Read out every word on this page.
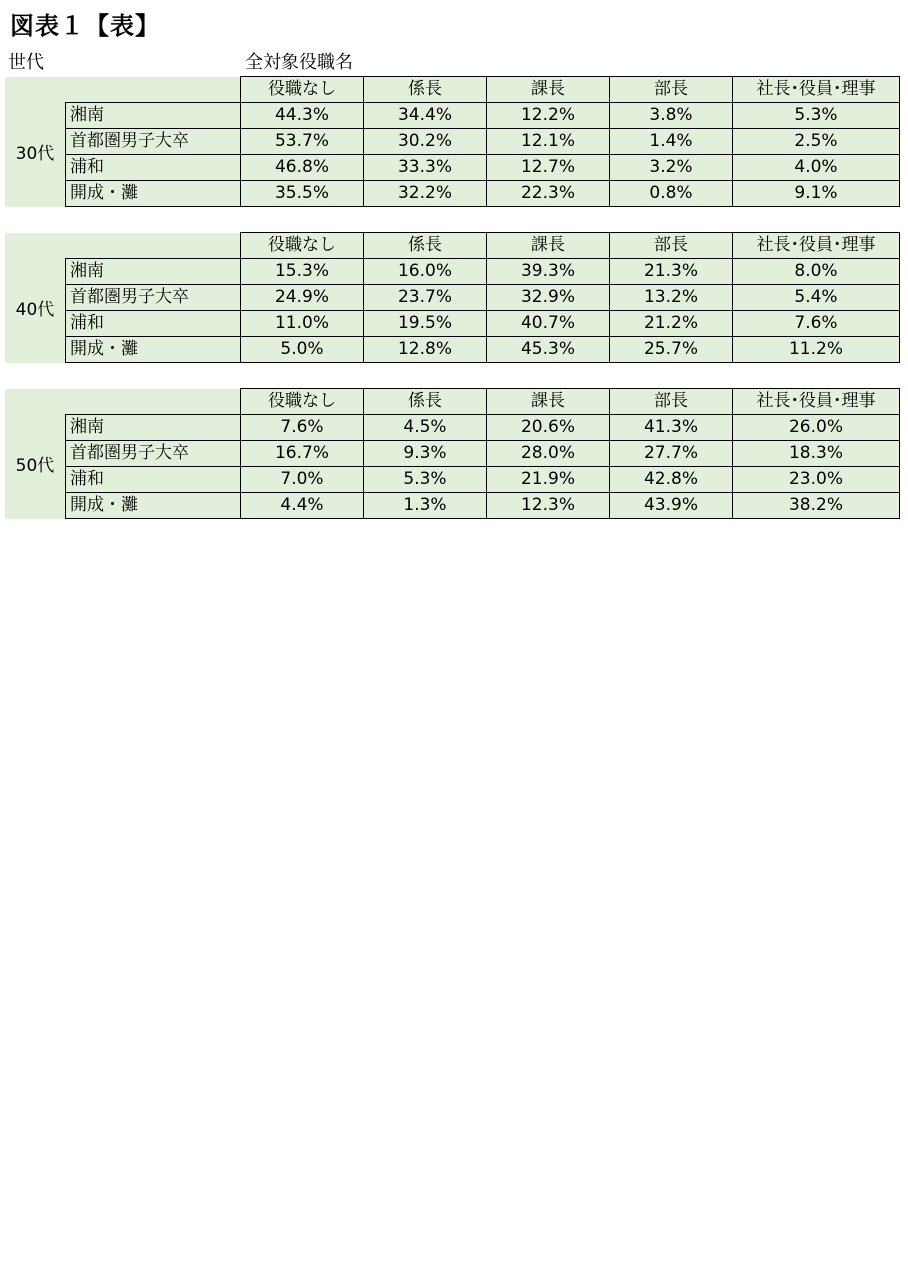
図表１【表】
世代	全対象役職名
		役職なし	係長	課長	部長	社長･役員･理事
30代	湘南	44.3%	34.4%	12.2%	3.8%	5.3%
	首都圏男子大卒	53.7%	30.2%	12.1%	1.4%	2.5%
	浦和	46.8%	33.3%	12.7%	3.2%	4.0%
	開成・灘	35.5%	32.2%	22.3%	0.8%	9.1%
		役職なし	係長	課長	部長	社長･役員･理事
40代	湘南	15.3%	16.0%	39.3%	21.3%	8.0%
	首都圏男子大卒	24.9%	23.7%	32.9%	13.2%	5.4%
	浦和	11.0%	19.5%	40.7%	21.2%	7.6%
	開成・灘	5.0%	12.8%	45.3%	25.7%	11.2%
		役職なし	係長	課長	部長	社長･役員･理事
50代	湘南	7.6%	4.5%	20.6%	41.3%	26.0%
	首都圏男子大卒	16.7%	9.3%	28.0%	27.7%	18.3%
	浦和	7.0%	5.3%	21.9%	42.8%	23.0%
	開成・灘	4.4%	1.3%	12.3%	43.9%	38.2%
